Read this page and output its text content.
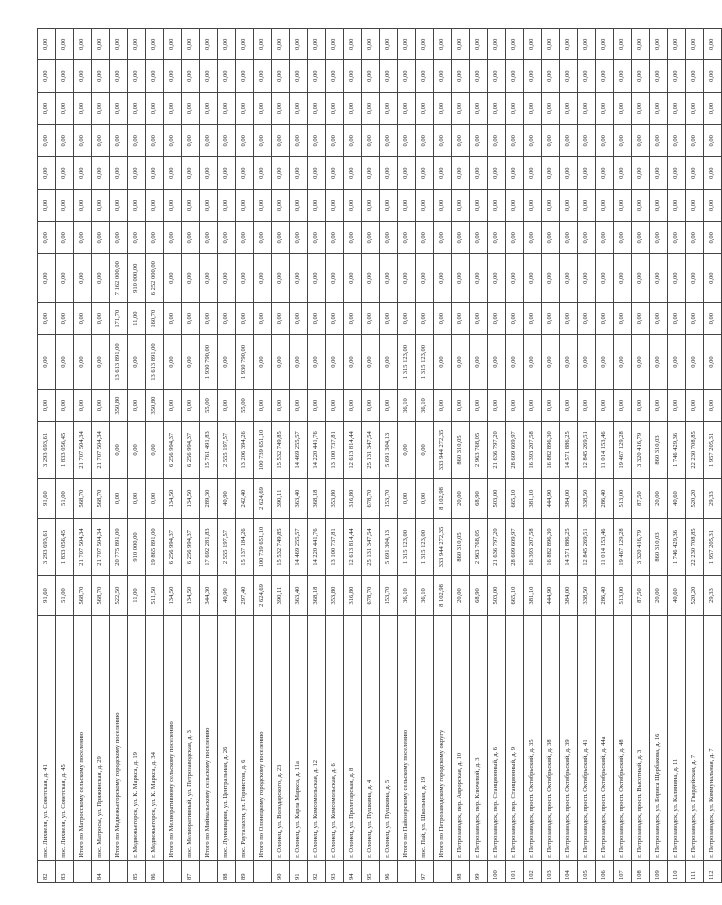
82	пос. Лиxвеля, ул. Советская, д. 41	91,60	3 293 693,61	91,60	3 293 693,61	0,00	0,00	0,00	0,00	0,00	0,00	0,00	0,00	0,00	0,00	0,00
83	пос. Лиxвеля, ул. Советская, д. 45	51,00	1 833 056,45	51,00	1 833 056,45	0,00	0,00	0,00	0,00	0,00	0,00	0,00	0,00	0,00	0,00	0,00
	Итого по Матросскому сельскому поселению	568,70	21 707 504,34	568,70	21 707 504,34	0,00	0,00	0,00	0,00	0,00	0,00	0,00	0,00	0,00	0,00	0,00
84	пос. Матросы, ул. Пряжинская, д. 29	568,70	21 707 504,34	568,70	21 707 504,34	0,00	0,00	0,00	0,00	0,00	0,00	0,00	0,00	0,00	0,00	0,00
	Итого по Медвежьегорскому городскому поселению	522,50	20 775 891,00	0,00	0,00	350,80	13 613 891,00	171,70	7 162 000,00	0,00	0,00	0,00	0,00	0,00	0,00	0,00
85	г. Медвежьегорск, ул. К. Маркса, д. 19	11,00	910 000,00	0,00	0,00	0,00	0,00	11,00	910 000,00	0,00	0,00	0,00	0,00	0,00	0,00	0,00
86	г. Медвежьегорск, ул. К. Маркса, д. 34	511,50	19 865 891,00	0,00	0,00	350,80	13 613 891,00	160,70	6 252 000,00	0,00	0,00	0,00	0,00	0,00	0,00	0,00
	Итого по Мелиоративному сельскому поселению	134,50	6 256 994,37	134,50	6 256 994,37	0,00	0,00	0,00	0,00	0,00	0,00	0,00	0,00	0,00	0,00	0,00
87	пос. Мелиоративный, ул. Петрозаводская, д. 3	134,50	6 256 994,37	134,50	6 256 994,37	0,00	0,00	0,00	0,00	0,00	0,00	0,00	0,00	0,00	0,00	0,00
	Итого по Мийнальскому сельскому поселению	344,30	17 692 281,83	289,30	15 761 491,83	55,00	1 930 790,00	0,00	0,00	0,00	0,00	0,00	0,00	0,00	0,00	0,00
88	пос. Лунквиарви, ул. Центральная, д. 26	40,90	2 555 197,57	40,90	2 555 197,57	0,00	0,00	0,00	0,00	0,00	0,00	0,00	0,00	0,00	0,00	0,00
89	пос. Рауталахти, ул. Горнистов, д. 6	297,40	15 137 184,26	242,40	13 206 394,26	55,00	1 930 790,00	0,00	0,00	0,00	0,00	0,00	0,00	0,00	0,00	0,00
	Итого по Олонецкому городскому поселению	2 624,69	100 739 651,10	2 624,69	100 739 651,10	0,00	0,00	0,00	0,00	0,00	0,00	0,00	0,00	0,00	0,00	0,00
90	г. Олонец, ул. Володарского, д. 23	390,11	15 532 749,85	390,11	15 532 749,85	0,00	0,00	0,00	0,00	0,00	0,00	0,00	0,00	0,00	0,00	0,00
91	г. Олонец, ул. Карла Маркса, д. 11а	363,40	14 469 255,57	363,40	14 469 255,57	0,00	0,00	0,00	0,00	0,00	0,00	0,00	0,00	0,00	0,00	0,00
92	г. Олонец, ул. Комсомольская, д. 12	368,18	14 220 441,76	368,18	14 220 441,76	0,00	0,00	0,00	0,00	0,00	0,00	0,00	0,00	0,00	0,00	0,00
93	г. Олонец, ул. Комсомольская, д. 6	353,80	13 100 737,81	353,80	13 100 737,81	0,00	0,00	0,00	0,00	0,00	0,00	0,00	0,00	0,00	0,00	0,00
94	г. Олонец, ул. Пролетарская, д. 8	316,80	12 613 814,44	316,80	12 613 814,44	0,00	0,00	0,00	0,00	0,00	0,00	0,00	0,00	0,00	0,00	0,00
95	г. Олонец, ул. Пушкина, д. 4	678,70	25 131 347,54	678,70	25 131 347,54	0,00	0,00	0,00	0,00	0,00	0,00	0,00	0,00	0,00	0,00	0,00
96	г. Олонец, ул. Пушкина, д. 5	153,70	5 691 304,13	153,70	5 691 304,13	0,00	0,00	0,00	0,00	0,00	0,00	0,00	0,00	0,00	0,00	0,00
	Итого по Пайозерскому сельскому поселению	36,10	1 315 123,00	0,00	0,00	36,10	1 315 123,00	0,00	0,00	0,00	0,00	0,00	0,00	0,00	0,00	0,00
97	пос. Пай, ул. Школьная, д. 19	36,10	1 315 123,00	0,00	0,00	36,10	1 315 123,00	0,00	0,00	0,00	0,00	0,00	0,00	0,00	0,00	0,00
	Итого по Петрозаводскому городскому округу	8 102,98	333 944 272,35	8 102,98	333 944 272,35	0,00	0,00	0,00	0,00	0,00	0,00	0,00	0,00	0,00	0,00	0,00
98	г. Петрозаводск, пер. Аврорская, д. 10	20,00	860 310,05	20,00	860 310,05	0,00	0,00	0,00	0,00	0,00	0,00	0,00	0,00	0,00	0,00	0,00
99	г. Петрозаводск, пер. Ключевой, д. 3	68,90	2 963 768,05	68,90	2 963 768,05	0,00	0,00	0,00	0,00	0,00	0,00	0,00	0,00	0,00	0,00	0,00
100	г. Петрозаводск, пер. Станционный, д. 6	503,00	21 636 797,20	503,00	21 636 797,20	0,00	0,00	0,00	0,00	0,00	0,00	0,00	0,00	0,00	0,00	0,00
101	г. Петрозаводск, пер. Станционный, д. 9	665,10	28 609 609,97	665,10	28 609 609,97	0,00	0,00	0,00	0,00	0,00	0,00	0,00	0,00	0,00	0,00	0,00
102	г. Петрозаводск, просп. Октябрьский, д. 35	381,10	16 393 207,58	381,10	16 393 207,58	0,00	0,00	0,00	0,00	0,00	0,00	0,00	0,00	0,00	0,00	0,00
103	г. Петрозаводск, просп. Октябрьский, д. 38	444,90	16 882 896,30	444,90	16 882 896,30	0,00	0,00	0,00	0,00	0,00	0,00	0,00	0,00	0,00	0,00	0,00
104	г. Петрозаводск, просп. Октябрьский, д. 39	384,00	14 571 886,25	384,00	14 571 886,25	0,00	0,00	0,00	0,00	0,00	0,00	0,00	0,00	0,00	0,00	0,00
105	г. Петрозаводск, просп. Октябрьский, д. 41	338,50	12 845 269,51	338,50	12 845 269,51	0,00	0,00	0,00	0,00	0,00	0,00	0,00	0,00	0,00	0,00	0,00
106	г. Петрозаводск, просп. Октябрьский, д. 44а	286,40	11 014 153,46	286,40	11 014 153,46	0,00	0,00	0,00	0,00	0,00	0,00	0,00	0,00	0,00	0,00	0,00
107	г. Петрозаводск, просп. Октябрьский, д. 48	513,00	19 467 129,28	513,00	19 467 129,28	0,00	0,00	0,00	0,00	0,00	0,00	0,00	0,00	0,00	0,00	0,00
108	г. Петрозаводск, просп. Высотный, д. 3	87,50	3 320 416,79	87,50	3 320 416,79	0,00	0,00	0,00	0,00	0,00	0,00	0,00	0,00	0,00	0,00	0,00
109	г. Петрозаводск, ул. Бориса Щербакова, д. 16	20,00	860 310,03	20,00	860 310,03	0,00	0,00	0,00	0,00	0,00	0,00	0,00	0,00	0,00	0,00	0,00
110	г. Петрозаводск, ул. Калинина, д. 11	40,60	1 746 429,36	40,60	1 746 429,36	0,00	0,00	0,00	0,00	0,00	0,00	0,00	0,00	0,00	0,00	0,00
111	г. Петрозаводск, ул. Гвардейская, д. 7	520,20	22 230 708,85	520,20	22 230 708,85	0,00	0,00	0,00	0,00	0,00	0,00	0,00	0,00	0,00	0,00	0,00
112	г. Петрозаводск, ул. Коммунальная, д. 7	29,33	1 957 205,31	29,33	1 957 205,31	0,00	0,00	0,00	0,00	0,00	0,00	0,00	0,00	0,00	0,00	0,00
